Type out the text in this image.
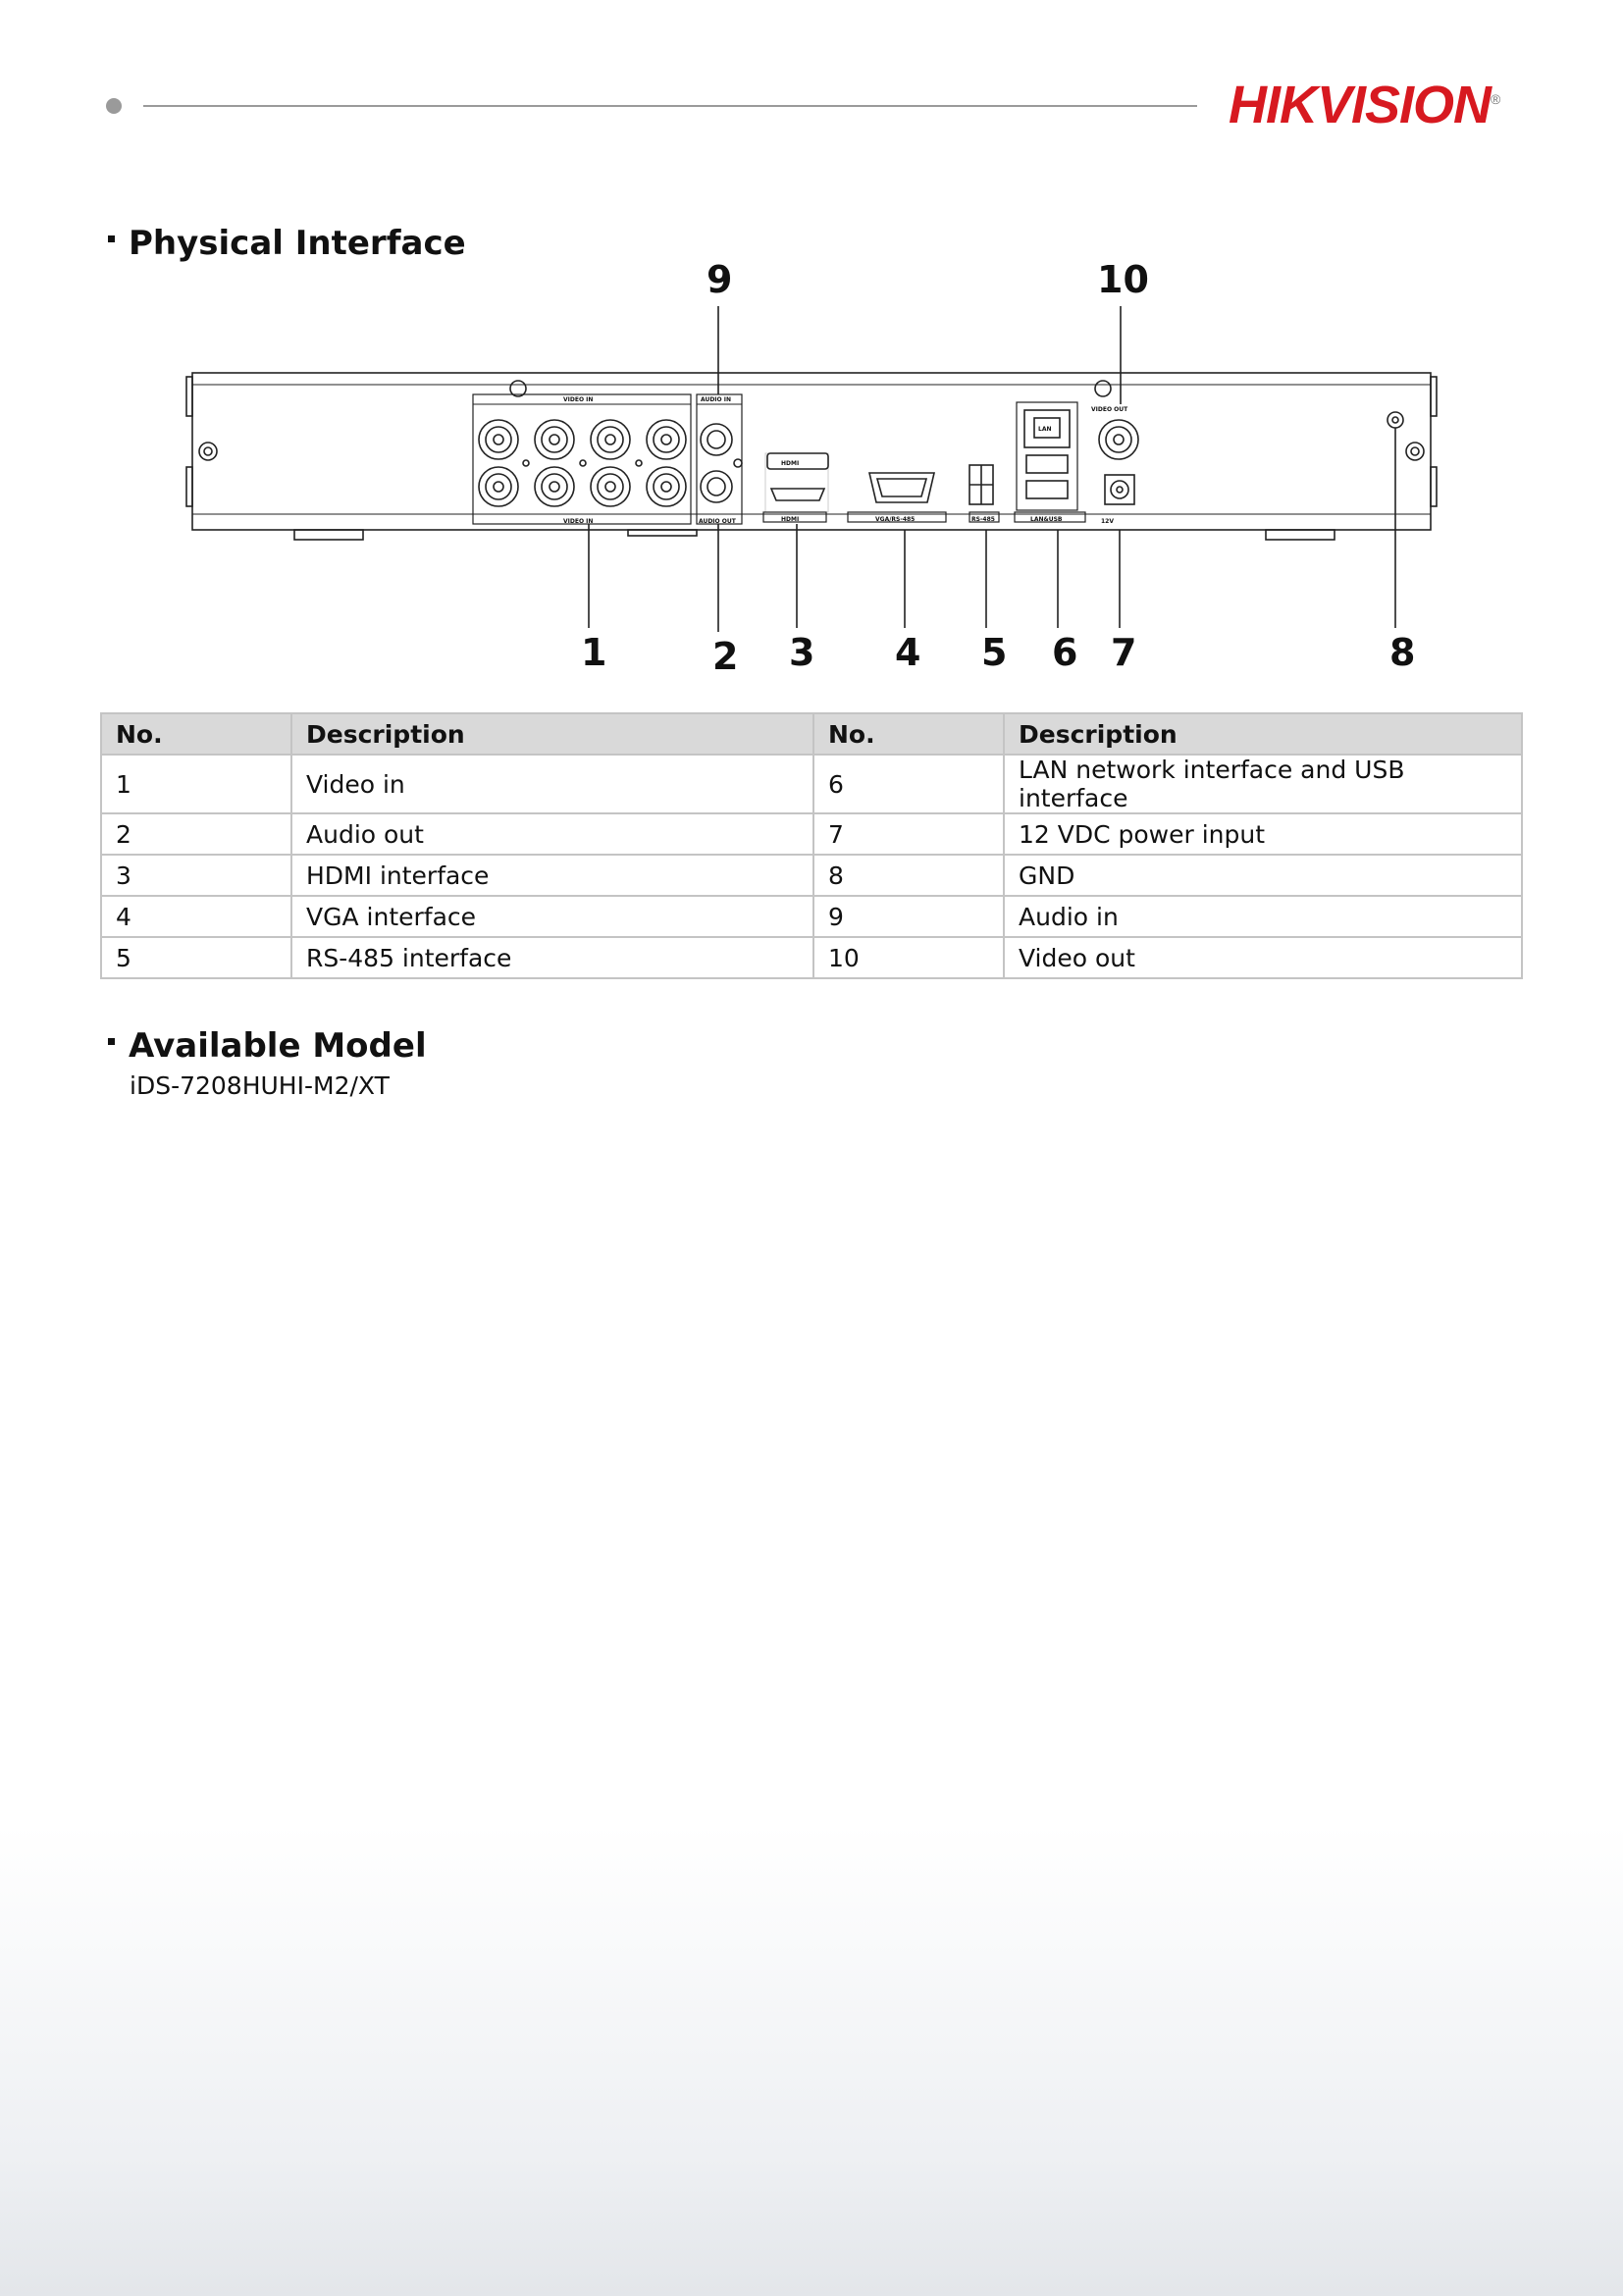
HIKVISION®
Physical Interface
VIDEO IN
VIDEO IN
AUDIO IN
AUDIO OUT
HDMI
HDMI	VGA/RS-485	RS-485
LAN
LAN&USB
VIDEO OUT
12V
1	2 3 4 5 6 7	8
9	10
No.	Description	No.	Description
1	Video in	6	LAN network interface and USB interface
2	Audio out	7	12 VDC power input
3	HDMI interface	8	GND
4	VGA interface	9	Audio in
5	RS-485 interface	10	Video out
Available Model
iDS-7208HUHI-M2/XT
